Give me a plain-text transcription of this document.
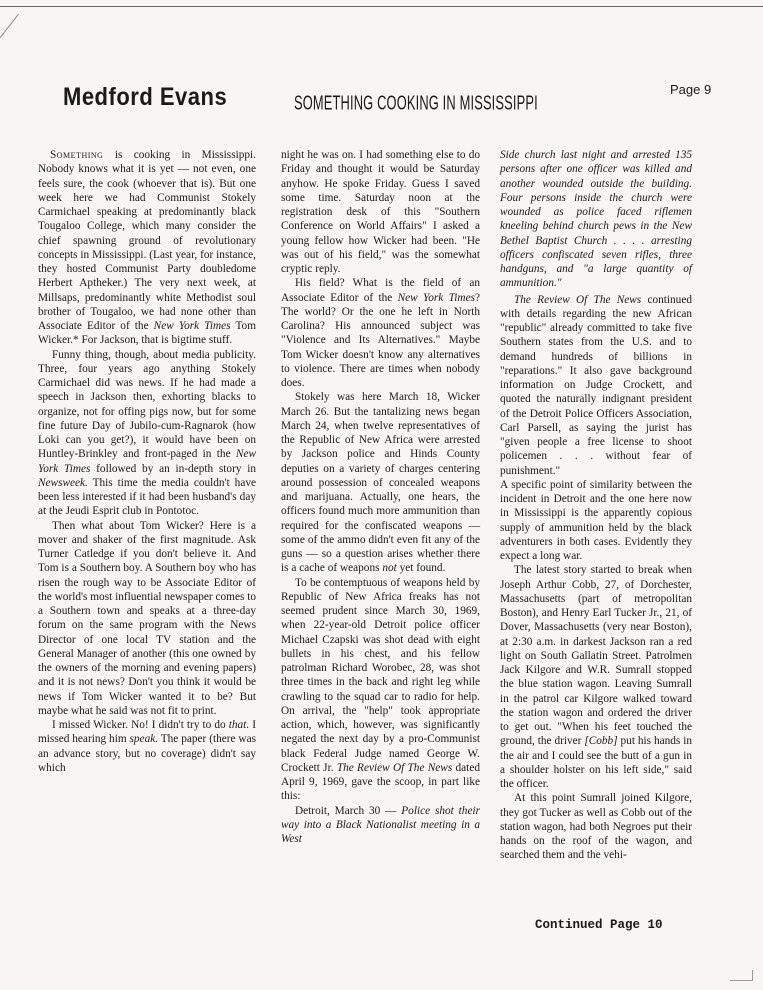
Medford Evans	SOMETHING COOKING IN MISSISSIPPI
Page 9

Something is cooking in Mississippi. Nobody knows what it is yet — not even, one feels sure, the cook (whoever that is). But one week here we had Communist Stokely Carmichael speaking at predominantly black Tougaloo College, which many consider the chief spawning ground of revolutionary concepts in Mississippi. (Last year, for instance, they hosted Communist Party doubledome Herbert Aptheker.) The very next week, at Millsaps, predominantly white Methodist soul brother of Tougaloo, we had none other than Associate Editor of the New York Times Tom Wicker.* For Jackson, that is bigtime stuff.

Funny thing, though, about media publicity. Three, four years ago anything Stokely Carmichael did was news. If he had made a speech in Jackson then, exhorting blacks to organize, not for offing pigs now, but for some fine future Day of Jubilo-cum-Ragnarok (how Loki can you get?), it would have been on Huntley-Brinkley and front-paged in the New York Times followed by an in-depth story in Newsweek. This time the media couldn't have been less interested if it had been husband's day at the Jeudi Esprit club in Pontotoc.

Then what about Tom Wicker? Here is a mover and shaker of the first magnitude. Ask Turner Catledge if you don't believe it. And Tom is a Southern boy. A Southern boy who has risen the rough way to be Associate Editor of the world's most influential newspaper comes to a Southern town and speaks at a three-day forum on the same program with the News Director of one local TV station and the General Manager of another (this one owned by the owners of the morning and evening papers) and it is not news? Don't you think it would be news if Tom Wicker wanted it to be? But maybe what he said was not fit to print.

I missed Wicker. No! I didn't try to do that. I missed hearing him speak. The paper (there was an advance story, but no coverage) didn't say which

night he was on. I had something else to do Friday and thought it would be Saturday anyhow. He spoke Friday. Guess I saved some time. Saturday noon at the registration desk of this "Southern Conference on World Affairs" I asked a young fellow how Wicker had been. "He was out of his field," was the somewhat cryptic reply.

His field? What is the field of an Associate Editor of the New York Times? The world? Or the one he left in North Carolina? His announced subject was "Violence and Its Alternatives." Maybe Tom Wicker doesn't know any alternatives to violence. There are times when nobody does.

Stokely was here March 18, Wicker March 26. But the tantalizing news began March 24, when twelve representatives of the Republic of New Africa were arrested by Jackson police and Hinds County deputies on a variety of charges centering around possession of concealed weapons and marijuana. Actually, one hears, the officers found much more ammunition than required for the confiscated weapons — some of the ammo didn't even fit any of the guns — so a question arises whether there is a cache of weapons not yet found.

To be contemptuous of weapons held by Republic of New Africa freaks has not seemed prudent since March 30, 1969, when 22-year-old Detroit police officer Michael Czapski was shot dead with eight bullets in his chest, and his fellow patrolman Richard Worobec, 28, was shot three times in the back and right leg while crawling to the squad car to radio for help. On arrival, the "help" took appropriate action, which, however, was significantly negated the next day by a pro-Communist black Federal Judge named George W. Crockett Jr. The Review Of The News dated April 9, 1969, gave the scoop, in part like this:

Detroit, March 30 — Police shot their way into a Black Nationalist meeting in a West

Side church last night and arrested 135 persons after one officer was killed and another wounded outside the building. Four persons inside the church were wounded as police faced riflemen kneeling behind church pews in the New Bethel Baptist Church . . . . arresting officers confiscated seven rifles, three handguns, and "a large quantity of ammunition."

The Review Of The News continued with details regarding the new African "republic" already committed to take five Southern states from the U.S. and to demand hundreds of billions in "reparations." It also gave background information on Judge Crockett, and quoted the naturally indignant president of the Detroit Police Officers Association, Carl Parsell, as saying the jurist has "given people a free license to shoot policemen . . . without fear of punishment."

A specific point of similarity between the incident in Detroit and the one here now in Mississippi is the apparently copious supply of ammunition held by the black adventurers in both cases. Evidently they expect a long war.

The latest story started to break when Joseph Arthur Cobb, 27, of Dorchester, Massachusetts (part of metropolitan Boston), and Henry Earl Tucker Jr., 21, of Dover, Massachusetts (very near Boston), at 2:30 a.m. in darkest Jackson ran a red light on South Gallatin Street. Patrolmen Jack Kilgore and W.R. Sumrall stopped the blue station wagon. Leaving Sumrall in the patrol car Kilgore walked toward the station wagon and ordered the driver to get out. "When his feet touched the ground, the driver [Cobb] put his hands in the air and I could see the butt of a gun in a shoulder holster on his left side," said the officer.

At this point Sumrall joined Kilgore, they got Tucker as well as Cobb out of the station wagon, had both Negroes put their hands on the roof of the wagon, and searched them and the vehi-

Continued Page 10
